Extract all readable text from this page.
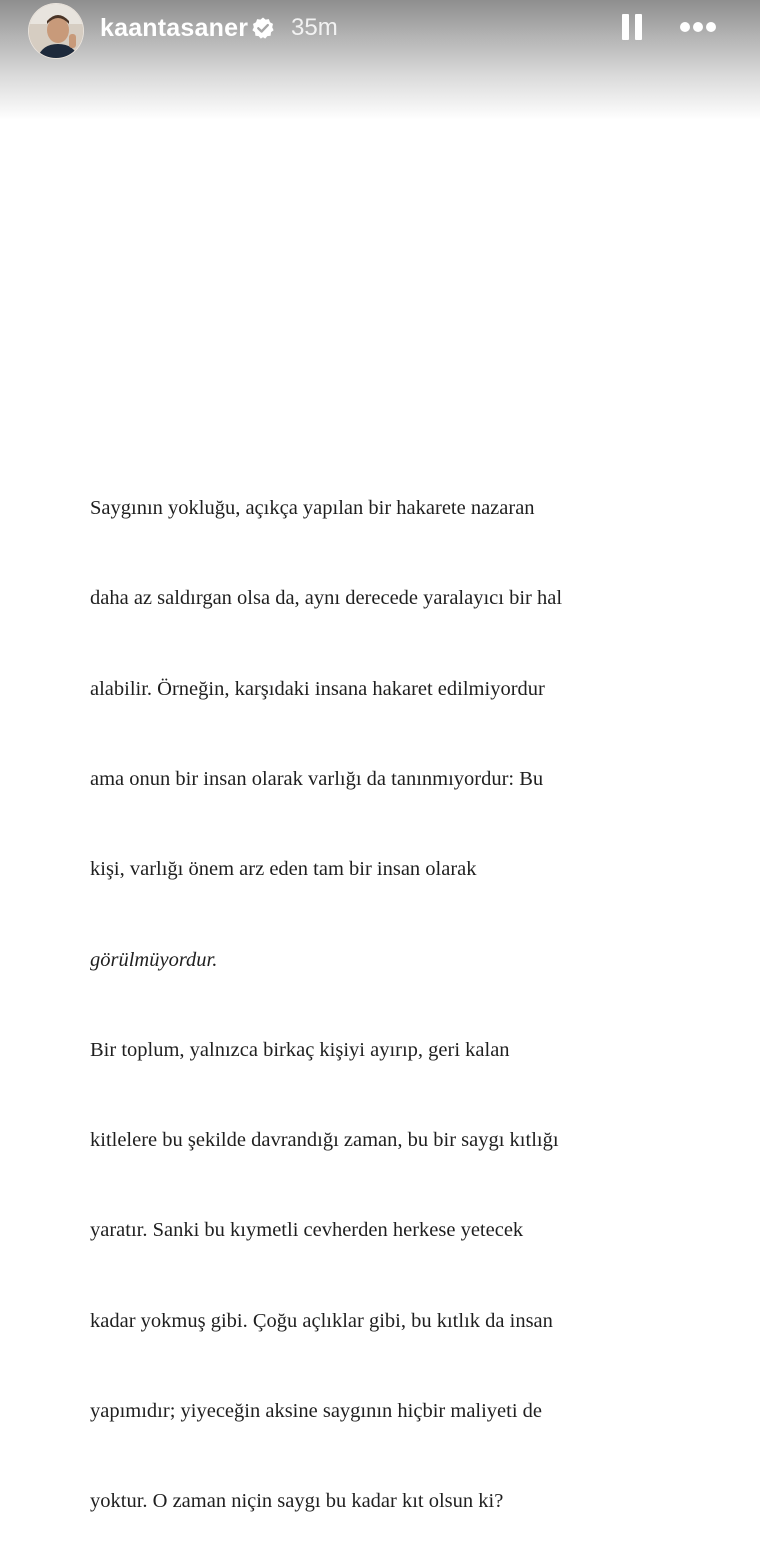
kaantasaner 35m

Saygının yokluğu, açıkça yapılan bir hakarete nazaran

daha az saldırgan olsa da, aynı derecede yaralayıcı bir hal

alabilir. Örneğin, karşıdaki insana hakaret edilmiyordur

ama onun bir insan olarak varlığı da tanınmıyordur: Bu

kişi, varlığı önem arz eden tam bir insan olarak

görülmüyordur.

Bir toplum, yalnızca birkaç kişiyi ayırıp, geri kalan

kitlelere bu şekilde davrandığı zaman, bu bir saygı kıtlığı

yaratır. Sanki bu kıymetli cevherden herkese yetecek

kadar yokmuş gibi. Çoğu açlıklar gibi, bu kıtlık da insan

yapımıdır; yiyeceğin aksine saygının hiçbir maliyeti de

yoktur. O zaman niçin saygı bu kadar kıt olsun ki?
